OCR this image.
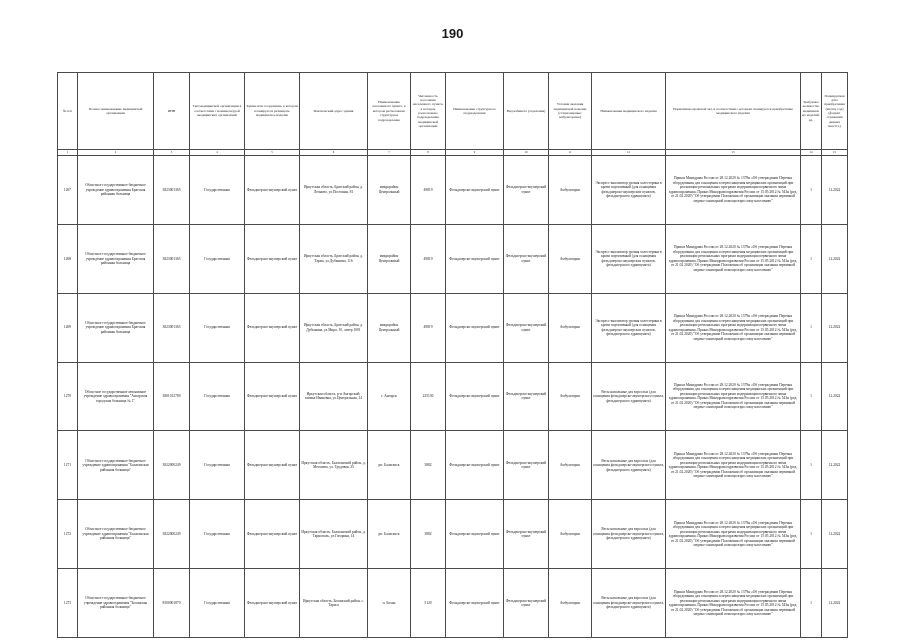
190
№ п/п	Полное наименование медицинской организации	ИНН	Тип медицинской организации в соответствии с номенклатурой медицинских организаций	Здание или сооружение, в котором планируется размещать медицинское изделие	Фактический адрес здания	Наименование населенного пункта, в котором расположено структурное подразделение	Численность населения населенного пункта, в котором расположено подразделение медицинской организации	Наименование структурного подразделения	Вид кабинета (отделения)	Условия оказания медицинской помощи (стационарные/амбулаторные)	Наименование медицинского изделия	Нормативно-правовой акт, в соответствии с которым планируется приобретение медицинского изделия	Требуемое количество медицинских изделий, ед.	Планируемая дата приобретения (месяц, год) (формат отражения данных мм.гггг.)
1	2	3	4	5	6	7	8	9	10	11	12	13	14	15
1267	Областное государственное бюджетное учреждение здравоохранения Братская районная больница	3823001365	Государственная	Фельдшерско-акушерский пункт	Иркутская область, Братский район, д. Леоново, ул.Постоянн, 81	микрорайон Центральный	49819	Фельдшерско-акушерский пункт	Фельдшерско-акушерский пункт	Амбулаторно	Экспресс-анализатор уровня холестерина в крови портативный (для оснащения фельдшерско-акушерских пунктов, фельдшерского здравпункта)	Приказ Минздрава России от 28.12.2020 № 1379н «Об утверждении Перечня оборудования для оснащения и переоснащения медицинских организаций при реализации региональных программ модернизации первичного звена здравоохранения» Приказ Минздравсоцразвития России от 15.05.2012 № 543н (ред. от 21.02.2020) "Об утверждении Положения об организации оказания первичной медико-санитарной помощи взрослому населению"	1	12.2022
1268	Областное государственное бюджетное учреждение здравоохранения Братская районная больница	3823001365	Государственная	Фельдшерско-акушерский пункт	Иркутская область, Братский район, д. Тарма, ул.Дубынина, 116	микрорайон Центральный	49819	Фельдшерско-акушерский пункт	Фельдшерско-акушерский пункт	Амбулаторно	Экспресс-анализатор уровня холестерина в крови портативный (для оснащения фельдшерско-акушерских пунктов, фельдшерского здравпункта)	Приказ Минздрава России от 28.12.2020 № 1379н «Об утверждении Перечня оборудования для оснащения и переоснащения медицинских организаций при реализации региональных программ модернизации первичного звена здравоохранения» Приказ Минздравсоцразвития России от 15.05.2012 № 543н (ред. от 21.02.2020) "Об утверждении Положения об организации оказания первичной медико-санитарной помощи взрослому населению"	1	12.2022
1269	Областное государственное бюджетное учреждение здравоохранения Братская районная больница	3823001365	Государственная	Фельдшерско-акушерский пункт	Иркутская область, Братский район, д. Дубынина, ул.Мира, 10, литер 1001	микрорайон Центральный	49819	Фельдшерско-акушерский пункт	Фельдшерско-акушерский пункт	Амбулаторно	Экспресс-анализатор уровня холестерина в крови портативный (для оснащения фельдшерско-акушерских пунктов, фельдшерского здравпункта)	Приказ Минздрава России от 28.12.2020 № 1379н «Об утверждении Перечня оборудования для оснащения и переоснащения медицинских организаций при реализации региональных программ модернизации первичного звена здравоохранения» Приказ Минздравсоцразвития России от 15.05.2012 № 543н (ред. от 21.02.2020) "Об утверждении Положения об организации оказания первичной медико-санитарной помощи взрослому населению"	1	12.2022
1270	Областное государственное автономное учреждение здравоохранения "Ангарская городская больница № 1"	3801012780	Государственная	Фельдшерско-акушерский пункт	Иркутская область, р-н Ангарский, заимка Ивановка, ул.Центральная, 14	г. Ангарск	225130	Фельдшерско-акушерский пункт	Фельдшерско-акушерский пункт	Амбулаторно	Весы напольные для взрослых (для оснащения фельдшерско-акушерского пункта, фельдшерского здравпункта)	Приказ Минздрава России от 28.12.2020 № 1379н «Об утверждении Перечня оборудования для оснащения и переоснащения медицинских организаций при реализации региональных программ модернизации первичного звена здравоохранения» Приказ Минздравсоцразвития России от 15.05.2012 № 543н (ред. от 21.02.2020) "Об утверждении Положения об организации оказания первичной медико-санитарной помощи взрослому населению"	1	12.2022
1271	Областное государственное бюджетное учреждение здравоохранения "Балаганская районная больница"	3822000249	Государственная	Фельдшерско-акушерский пункт	Иркутская область, Балаганский район, д. Метляева, ул. Трудовая, 25	рп. Балаганск	3882	Фельдшерско-акушерский пункт	Фельдшерско-акушерский пункт	Амбулаторно	Весы напольные для взрослых (для оснащения фельдшерско-акушерского пункта, фельдшерского здравпункта)	Приказ Минздрава России от 28.12.2020 № 1379н «Об утверждении Перечня оборудования для оснащения и переоснащения медицинских организаций при реализации региональных программ модернизации первичного звена здравоохранения» Приказ Минздравсоцразвития России от 15.05.2012 № 543н (ред. от 21.02.2020) "Об утверждении Положения об организации оказания первичной медико-санитарной помощи взрослому населению"	1	12.2022
1272	Областное государственное бюджетное учреждение здравоохранения "Балаганская районная больница"	3822000249	Государственная	Фельдшерско-акушерский пункт	Иркутская область, Балаганский район, д. Тарнополь, ул.Гагарина, 14	рп. Балаганск	3882	Фельдшерско-акушерский пункт	Фельдшерско-акушерский пункт	Амбулаторно	Весы напольные для взрослых (для оснащения фельдшерско-акушерского пункта, фельдшерского здравпункта)	Приказ Минздрава России от 28.12.2020 № 1379н «Об утверждении Перечня оборудования для оснащения и переоснащения медицинских организаций при реализации региональных программ модернизации первичного звена здравоохранения» Приказ Минздравсоцразвития России от 15.05.2012 № 543н (ред. от 21.02.2020) "Об утверждении Положения об организации оказания первичной медико-санитарной помощи взрослому населению"	1	12.2022
1273	Областное государственное бюджетное учреждение здравоохранения "Боханская районная больница"	8500001870	Государственная	Фельдшерско-акушерский пункт	Иркутская область, Боханский район, с. Тараса	п. Бохан	5120	Фельдшерско-акушерский пункт	Фельдшерско-акушерский пункт	Амбулаторно	Весы напольные для взрослых (для оснащения фельдшерско-акушерского пункта, фельдшерского здравпункта)	Приказ Минздрава России от 28.12.2020 № 1379н «Об утверждении Перечня оборудования для оснащения и переоснащения медицинских организаций при реализации региональных программ модернизации первичного звена здравоохранения» Приказ Минздравсоцразвития России от 15.05.2012 № 543н (ред. от 21.02.2020) "Об утверждении Положения об организации оказания первичной медико-санитарной помощи взрослому населению"	1	12.2022
